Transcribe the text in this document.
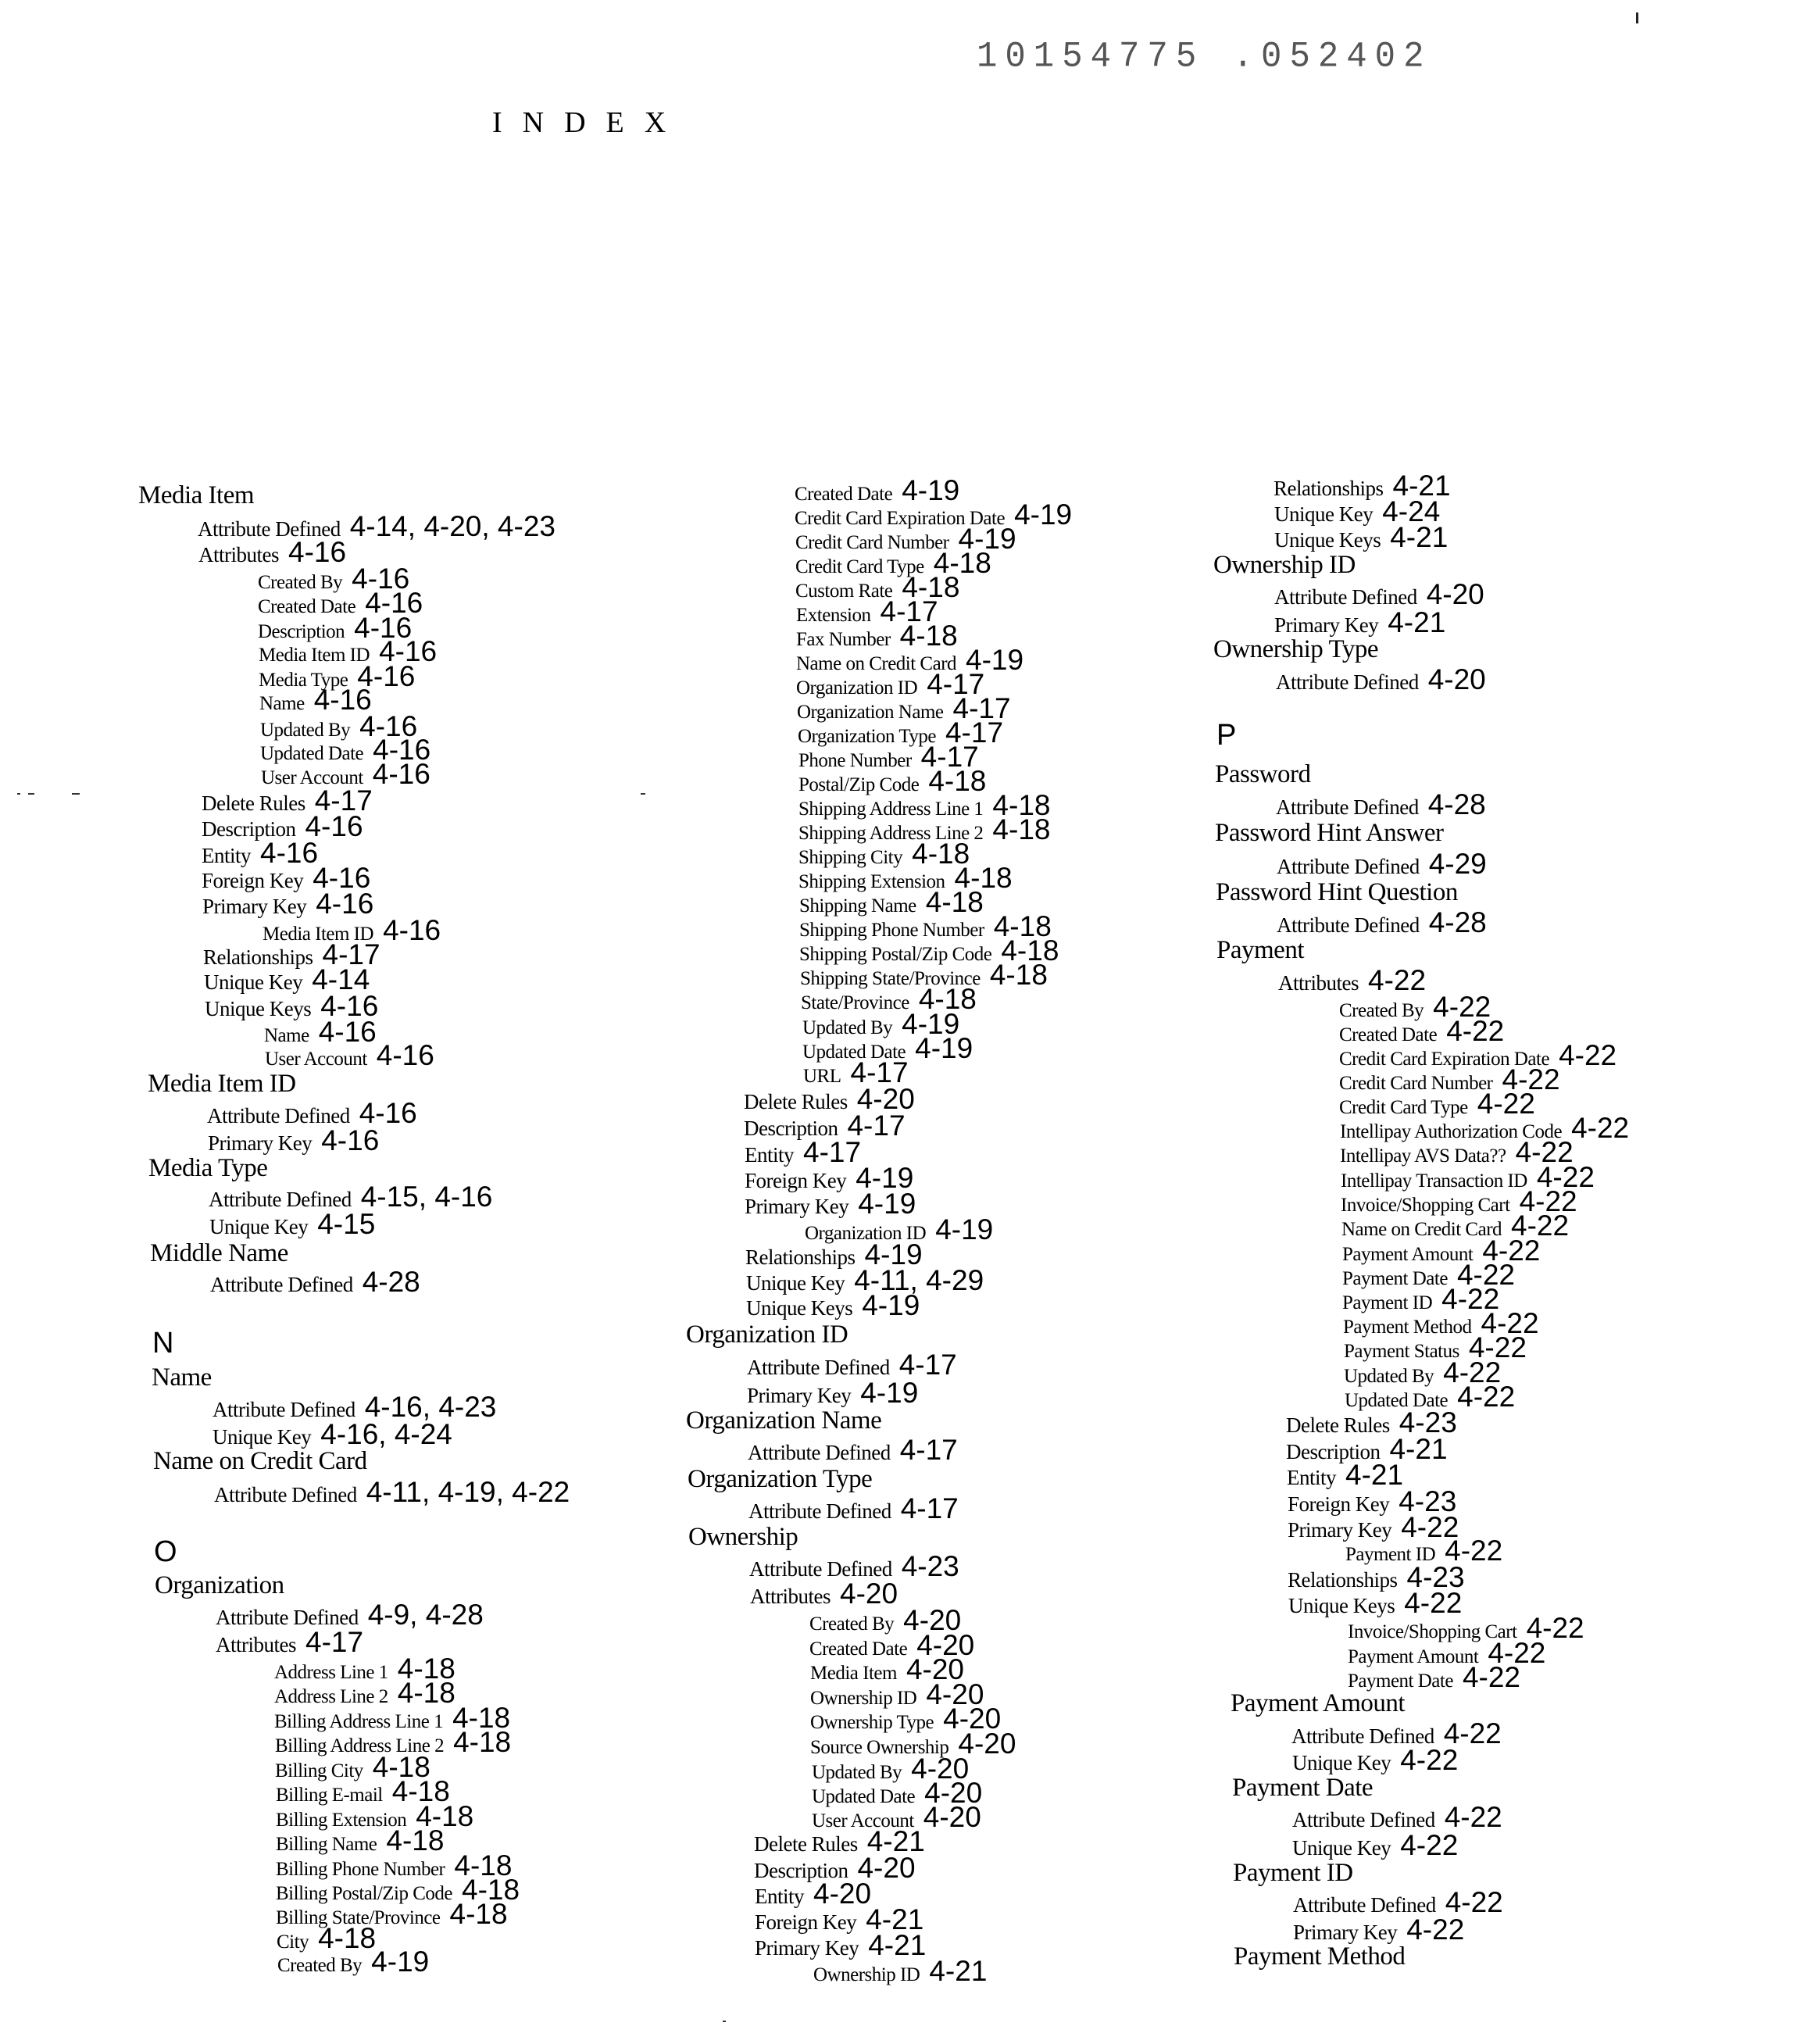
10154775 .052402
INDEX
Media Item
Attribute Defined 4-14, 4-20, 4-23
Attributes 4-16
Created By 4-16
Created Date 4-16
Description 4-16
Media Item ID 4-16
Media Type 4-16
Name 4-16
Updated By 4-16
Updated Date 4-16
User Account 4-16
Delete Rules 4-17
Description 4-16
Entity 4-16
Foreign Key 4-16
Primary Key 4-16
Media Item ID 4-16
Relationships 4-17
Unique Key 4-14
Unique Keys 4-16
Name 4-16
User Account 4-16
Media Item ID
Attribute Defined 4-16
Primary Key 4-16
Media Type
Attribute Defined 4-15, 4-16
Unique Key 4-15
Middle Name
Attribute Defined 4-28
N
Name
Attribute Defined 4-16, 4-23
Unique Key 4-16, 4-24
Name on Credit Card
Attribute Defined 4-11, 4-19, 4-22
O
Organization
Attribute Defined 4-9, 4-28
Attributes 4-17
Address Line 1 4-18
Address Line 2 4-18
Billing Address Line 1 4-18
Billing Address Line 2 4-18
Billing City 4-18
Billing E-mail 4-18
Billing Extension 4-18
Billing Name 4-18
Billing Phone Number 4-18
Billing Postal/Zip Code 4-18
Billing State/Province 4-18
City 4-18
Created By 4-19
Created Date 4-19
Credit Card Expiration Date 4-19
Credit Card Number 4-19
Credit Card Type 4-18
Custom Rate 4-18
Extension 4-17
Fax Number 4-18
Name on Credit Card 4-19
Organization ID 4-17
Organization Name 4-17
Organization Type 4-17
Phone Number 4-17
Postal/Zip Code 4-18
Shipping Address Line 1 4-18
Shipping Address Line 2 4-18
Shipping City 4-18
Shipping Extension 4-18
Shipping Name 4-18
Shipping Phone Number 4-18
Shipping Postal/Zip Code 4-18
Shipping State/Province 4-18
State/Province 4-18
Updated By 4-19
Updated Date 4-19
URL 4-17
Delete Rules 4-20
Description 4-17
Entity 4-17
Foreign Key 4-19
Primary Key 4-19
Organization ID 4-19
Relationships 4-19
Unique Key 4-11, 4-29
Unique Keys 4-19
Organization ID
Attribute Defined 4-17
Primary Key 4-19
Organization Name
Attribute Defined 4-17
Organization Type
Attribute Defined 4-17
Ownership
Attribute Defined 4-23
Attributes 4-20
Created By 4-20
Created Date 4-20
Media Item 4-20
Ownership ID 4-20
Ownership Type 4-20
Source Ownership 4-20
Updated By 4-20
Updated Date 4-20
User Account 4-20
Delete Rules 4-21
Description 4-20
Entity 4-20
Foreign Key 4-21
Primary Key 4-21
Ownership ID 4-21
Relationships 4-21
Unique Key 4-24
Unique Keys 4-21
Ownership ID
Attribute Defined 4-20
Primary Key 4-21
Ownership Type
Attribute Defined 4-20
P
Password
Attribute Defined 4-28
Password Hint Answer
Attribute Defined 4-29
Password Hint Question
Attribute Defined 4-28
Payment
Attributes 4-22
Created By 4-22
Created Date 4-22
Credit Card Expiration Date 4-22
Credit Card Number 4-22
Credit Card Type 4-22
Intellipay Authorization Code 4-22
Intellipay AVS Data?? 4-22
Intellipay Transaction ID 4-22
Invoice/Shopping Cart 4-22
Name on Credit Card 4-22
Payment Amount 4-22
Payment Date 4-22
Payment ID 4-22
Payment Method 4-22
Payment Status 4-22
Updated By 4-22
Updated Date 4-22
Delete Rules 4-23
Description 4-21
Entity 4-21
Foreign Key 4-23
Primary Key 4-22
Payment ID 4-22
Relationships 4-23
Unique Keys 4-22
Invoice/Shopping Cart 4-22
Payment Amount 4-22
Payment Date 4-22
Payment Amount
Attribute Defined 4-22
Unique Key 4-22
Payment Date
Attribute Defined 4-22
Unique Key 4-22
Payment ID
Attribute Defined 4-22
Primary Key 4-22
Payment Method
